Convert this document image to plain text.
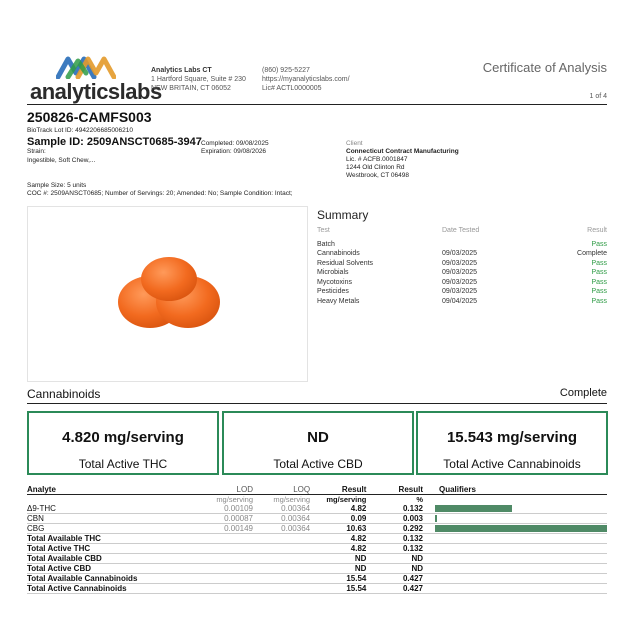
analyticslabs
Analytics Labs CT
1 Hartford Square, Suite # 230
NEW BRITAIN, CT 06052
(860) 925-5227
https://myanalyticslabs.com/
Lic# ACTL0000005
Certificate of Analysis
1 of 4
250826-CAMFS003
BioTrack Lot ID: 4942206685006210
Sample ID: 2509ANSCT0685-3947
Strain:
Ingestible, Soft Chew,...
Completed: 09/08/2025
Expiration: 09/08/2026
Client
Connecticut Contract Manufacturing
Lic. # ACFB.0001847
1244 Old Clinton Rd
Westbrook, CT 06498
Sample Size: 5 units
COC #: 2509ANSCT0685; Number of Servings: 20; Amended: No; Sample Condition: Intact;
Summary
Test	Date Tested	Result

Batch		Pass
Cannabinoids	09/03/2025	Complete
Residual Solvents	09/03/2025	Pass
Microbials	09/03/2025	Pass
Mycotoxins	09/03/2025	Pass
Pesticides	09/03/2025	Pass
Heavy Metals	09/04/2025	Pass
Cannabinoids	Complete
4.820 mg/serving
Total Active THC
ND
Total Active CBD
15.543 mg/serving
Total Active Cannabinoids
Analyte	LOD	LOQ	Result	Result	Qualifiers
	mg/serving	mg/serving	mg/serving	%	
Δ9-THC	0.00109	0.00364	4.82	0.132	

CBN	0.00087	0.00364	0.09	0.003	

CBG	0.00149	0.00364	10.63	0.292	

Total Available THC			4.82	0.132	
Total Active THC			4.82	0.132	
Total Available CBD			ND	ND	
Total Active CBD			ND	ND	
Total Available Cannabinoids			15.54	0.427	
Total Active Cannabinoids			15.54	0.427	
